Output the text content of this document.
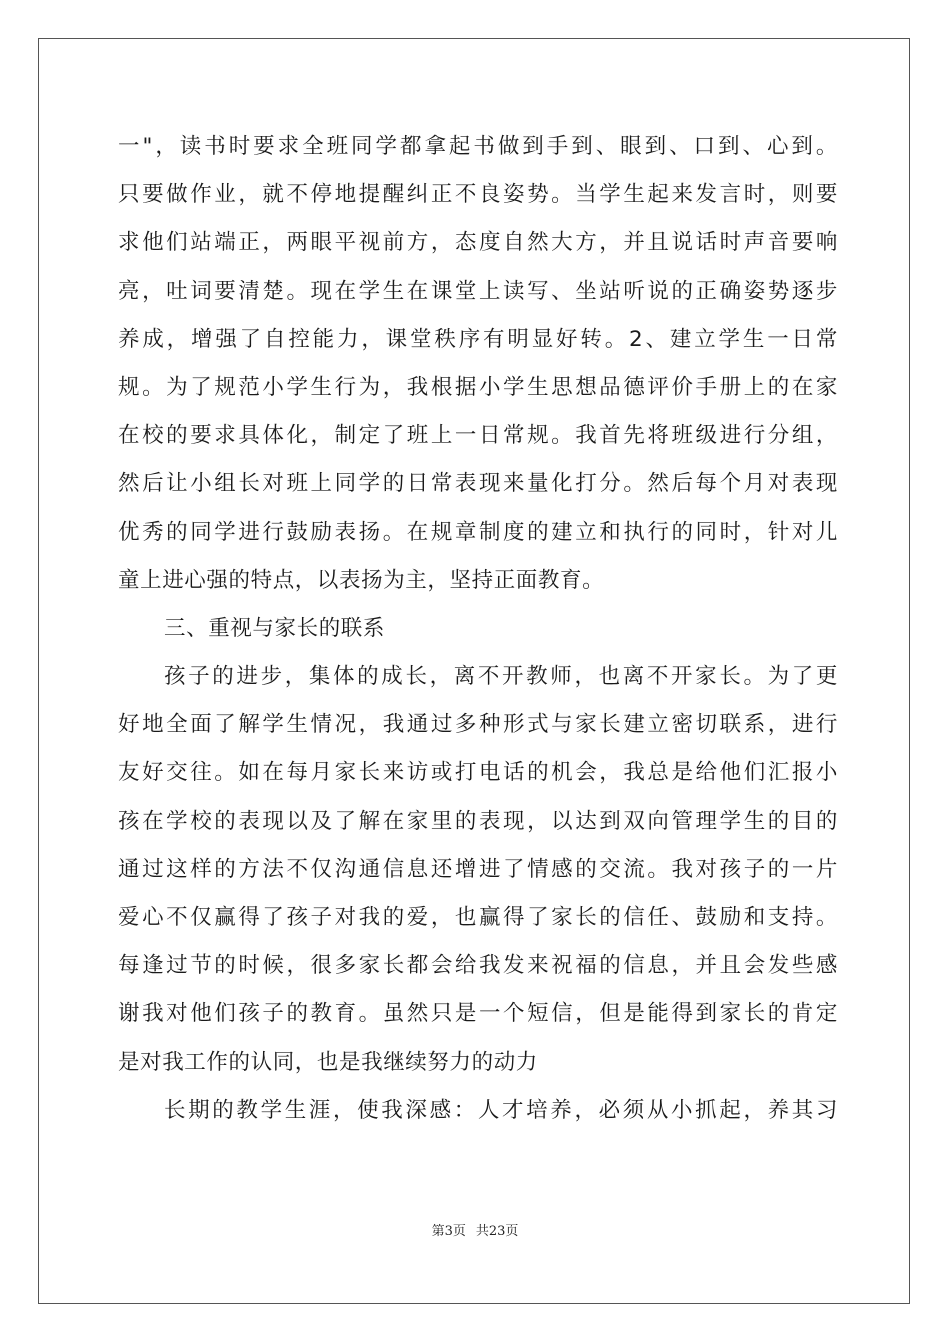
一"，读书时要求全班同学都拿起书做到手到、眼到、口到、心到。
只要做作业，就不停地提醒纠正不良姿势。当学生起来发言时，则要
求他们站端正，两眼平视前方，态度自然大方，并且说话时声音要响
亮，吐词要清楚。现在学生在课堂上读写、坐站听说的正确姿势逐步
养成，增强了自控能力，课堂秩序有明显好转。2、建立学生一日常
规。为了规范小学生行为，我根据小学生思想品德评价手册上的在家
在校的要求具体化，制定了班上一日常规。我首先将班级进行分组，
然后让小组长对班上同学的日常表现来量化打分。然后每个月对表现
优秀的同学进行鼓励表扬。在规章制度的建立和执行的同时，针对儿
童上进心强的特点，以表扬为主，坚持正面教育。
三、重视与家长的联系
孩子的进步，集体的成长，离不开教师，也离不开家长。为了更
好地全面了解学生情况，我通过多种形式与家长建立密切联系，进行
友好交往。如在每月家长来访或打电话的机会，我总是给他们汇报小
孩在学校的表现以及了解在家里的表现，以达到双向管理学生的目的
通过这样的方法不仅沟通信息还增进了情感的交流。我对孩子的一片
爱心不仅赢得了孩子对我的爱，也赢得了家长的信任、鼓励和支持。
每逢过节的时候，很多家长都会给我发来祝福的信息，并且会发些感
谢我对他们孩子的教育。虽然只是一个短信，但是能得到家长的肯定
是对我工作的认同，也是我继续努力的动力
长期的教学生涯，使我深感：人才培养，必须从小抓起，养其习
第3页 共23页
